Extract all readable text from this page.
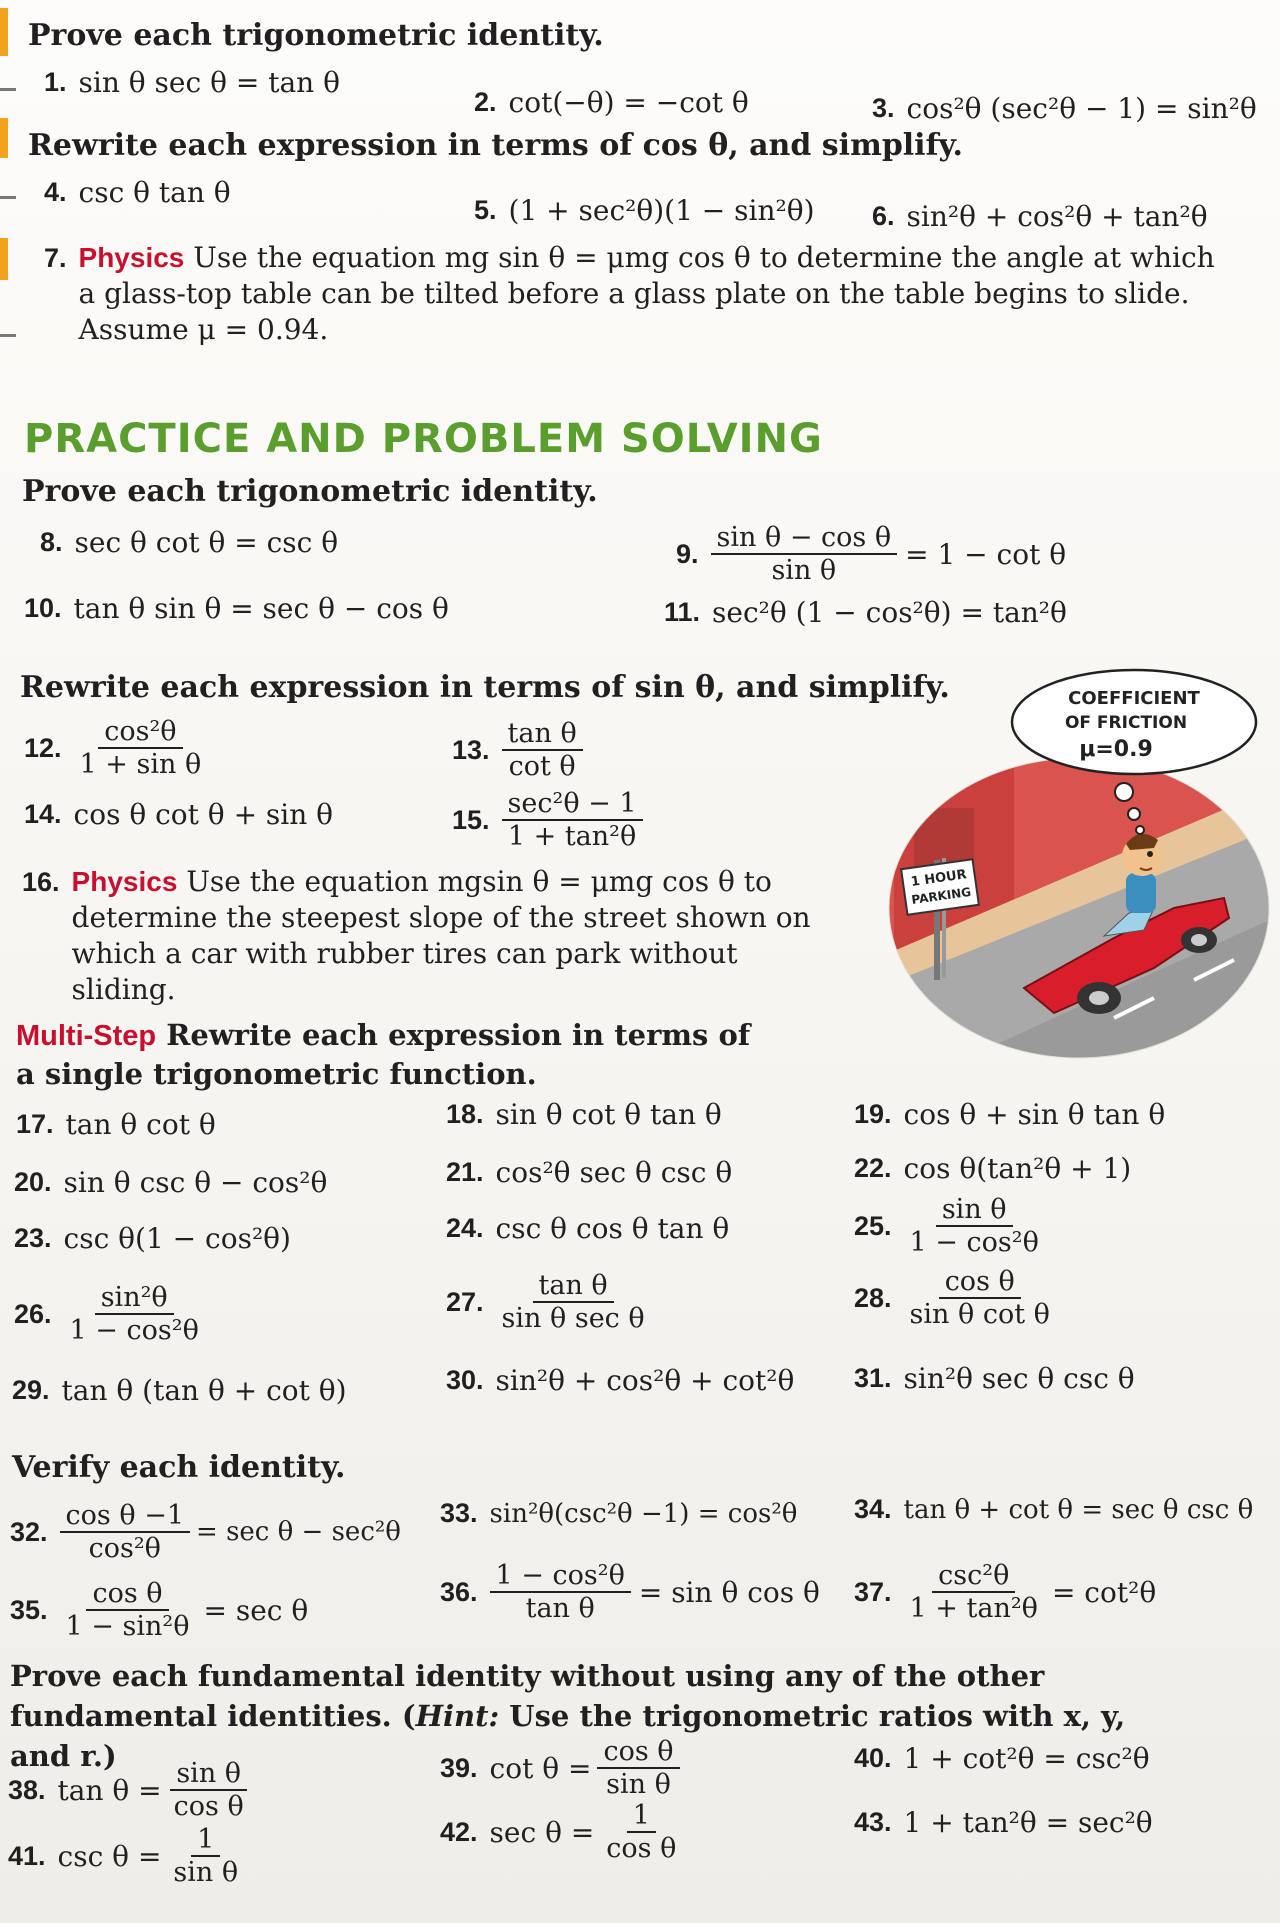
Prove each trigonometric identity.
1. sin θ sec θ = tan θ
2. cot(−θ) = −cot θ	3. cos²θ (sec²θ − 1) = sin²θ
Rewrite each expression in terms of cos θ, and simplify.
4. csc θ tan θ
5. (1 + sec²θ)(1 − sin²θ) 6. sin²θ + cos²θ + tan²θ
7. Physics Use the equation mg sin θ = μmg cos θ to determine the angle at which a glass-top table can be tilted before a glass plate on the table begins to slide. Assume μ = 0.94.
PRACTICE AND PROBLEM SOLVING
Prove each trigonometric identity.
8. sec θ cot θ = csc θ	9. $\frac{\text{sin θ − cos θ}}{\text{sin θ}} = 1 - \cot \theta$
10. tan θ sin θ = sec θ − cos θ	11. sec²θ (1 − cos²θ) = tan²θ
Rewrite each expression in terms of sin θ, and simplify.
12. $\frac{\text{cos²θ}}{\text{1 + sin θ}}$	13. $\frac{\text{tan θ}}{\text{cot θ}}$
14. cos θ cot θ + sin θ	15. $\frac{\text{sec²θ − 1}}{\text{1 + tan²θ}}$
16. Physics Use the equation mgsin θ = μmg cos θ to determine the steepest slope of the street shown on which a car with rubber tires can park without sliding.
1 HOUR
PARKING
COEFFICIENT
OF FRICTION
μ=0.9
Multi-Step Rewrite each expression in terms of a single trigonometric function.
17. tan θ cot θ	18. sin θ cot θ tan θ	19. cos θ + sin θ tan θ
20. sin θ csc θ − cos²θ	21. cos²θ sec θ csc θ	22. cos θ(tan²θ + 1)
23. csc θ(1 − cos²θ)	24. csc θ cos θ tan θ	25. $\frac{\text{sin θ}}{\text{1 − cos²θ}}$
26. $\frac{\text{sin²θ}}{\text{1 − cos²θ}}$	27. $\frac{\text{tan θ}}{\text{sin θ sec θ}}$	28. $\frac{\text{cos θ}}{\text{sin θ cot θ}}$
29. tan θ (tan θ + cot θ)	30. sin²θ + cos²θ + cot²θ 31. sin²θ sec θ csc θ
Verify each identity.
32. $\frac{\text{cos θ −1}}{\text{cos²θ}} = \sec \theta - \sec^2\theta$
33. sin²θ(csc²θ −1) = cos²θ 34. tan θ + cot θ = sec θ csc θ
35. $\frac{\text{cos θ}}{\text{1 − sin²θ}} = \sec \theta$
36. $\frac{\text{1 − cos²θ}}{\text{tan θ}} = \sin \theta$ cos θ 37. $\frac{\text{csc²θ}}{\text{1 + tan²θ}} = \cot^2\theta$
Prove each fundamental identity without using any of the other fundamental identities. (Hint: Use the trigonometric ratios with x, y, and r.)
38. $\tan \theta = \frac{\text{sin θ}}{\text{cos θ}}$	39. $\cot \theta = \frac{\text{cos θ}}{\text{sin θ}}$	40. 1 + cot²θ = csc²θ
41. $\csc \theta = \frac{1}{\text{sin θ}}$	42. $\sec \theta = \frac{1}{\text{cos θ}}$	43. 1 + tan²θ = sec²θ
